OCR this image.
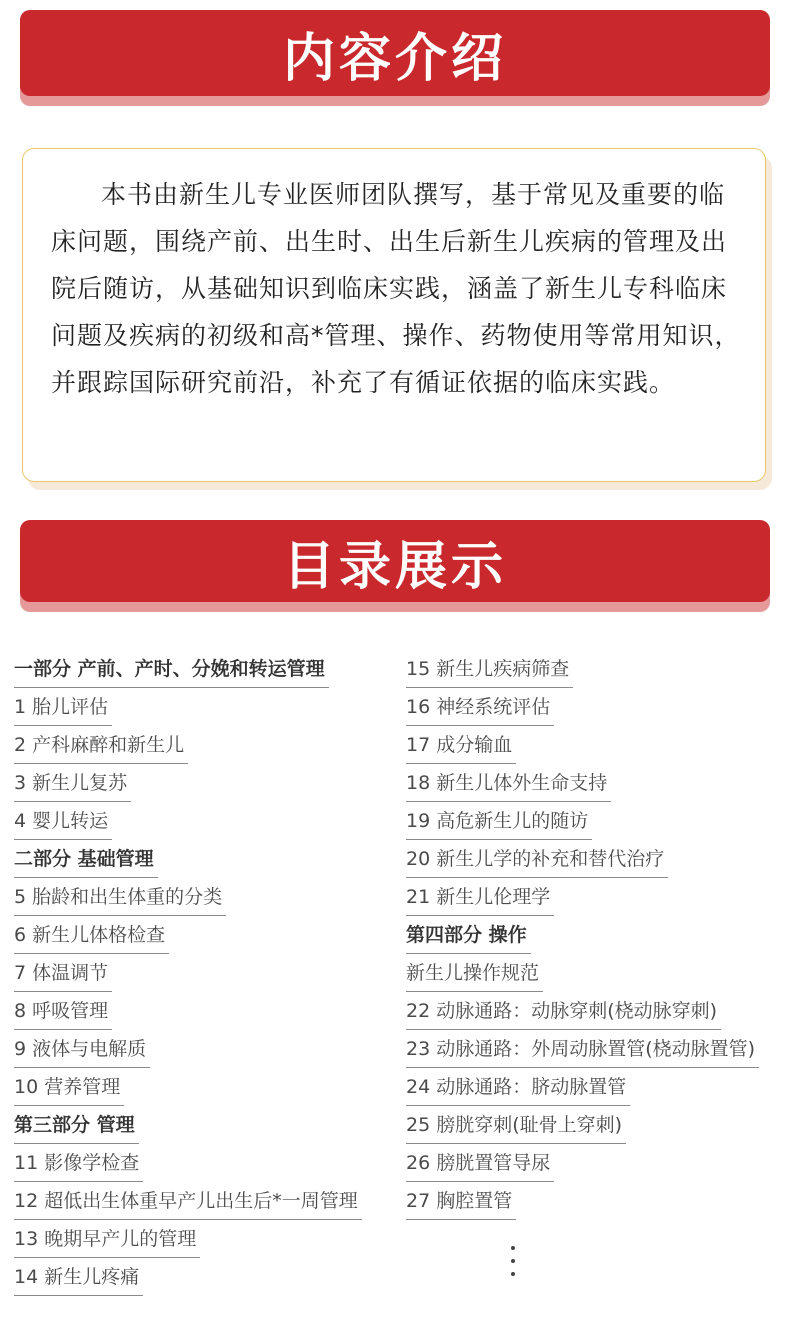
内容介绍

本书由新生儿专业医师团队撰写，基于常见及重要的临床问题，围绕产前、出生时、出生后新生儿疾病的管理及出院后随访，从基础知识到临床实践，涵盖了新生儿专科临床问题及疾病的初级和高*管理、操作、药物使用等常用知识，并跟踪国际研究前沿，补充了有循证依据的临床实践。

目录展示
一部分 产前、产时、分娩和转运管理
1 胎儿评估
2 产科麻醉和新生儿
3 新生儿复苏
4 婴儿转运
二部分 基础管理
5 胎龄和出生体重的分类
6 新生儿体格检查
7 体温调节
8 呼吸管理
9 液体与电解质
10 营养管理
第三部分 管理
11 影像学检查
12 超低出生体重早产儿出生后*一周管理
13 晚期早产儿的管理
14 新生儿疼痛
15 新生儿疾病筛查
16 神经系统评估
17 成分输血
18 新生儿体外生命支持
19 高危新生儿的随访
20 新生儿学的补充和替代治疗
21 新生儿伦理学
第四部分 操作
新生儿操作规范
22 动脉通路：动脉穿刺(桡动脉穿刺)
23 动脉通路：外周动脉置管(桡动脉置管)
24 动脉通路：脐动脉置管
25 膀胱穿刺(耻骨上穿刺)
26 膀胱置管导尿
27 胸腔置管
